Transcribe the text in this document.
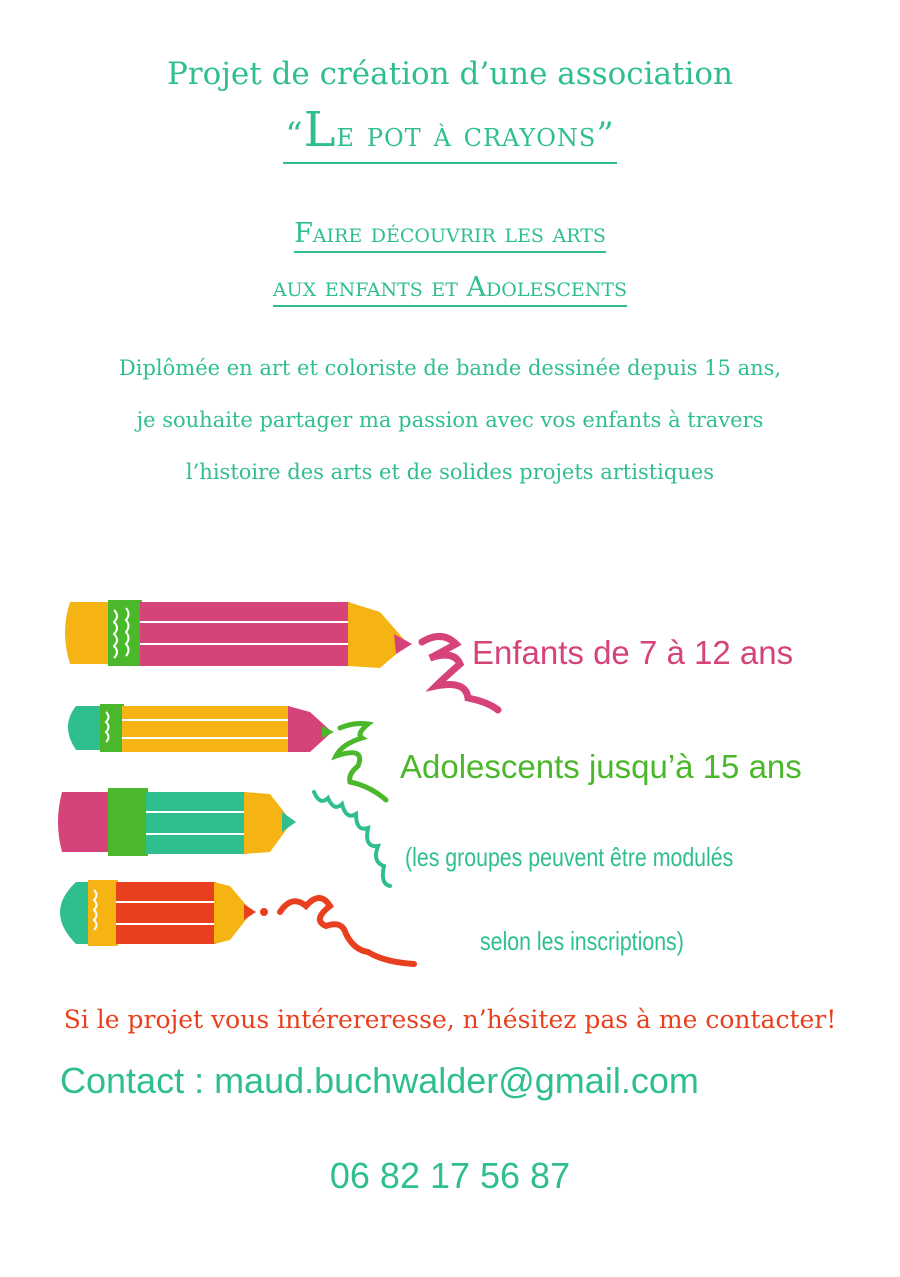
Projet de création d’une association
“Le pot à crayons”
Faire découvrir les arts
aux enfants et Adolescents
Diplômée en art et coloriste de bande dessinée depuis 15 ans,
je souhaite partager ma passion avec vos enfants à travers
l’histoire des arts et de solides projets artistiques
Enfants de 7 à 12 ans
Adolescents jusqu’à 15 ans
(les groupes peuvent être modulés
selon les inscriptions)
Si le projet vous intérereresse, n’hésitez pas à me contacter!
Contact : maud.buchwalder@gmail.com
06 82 17 56 87
